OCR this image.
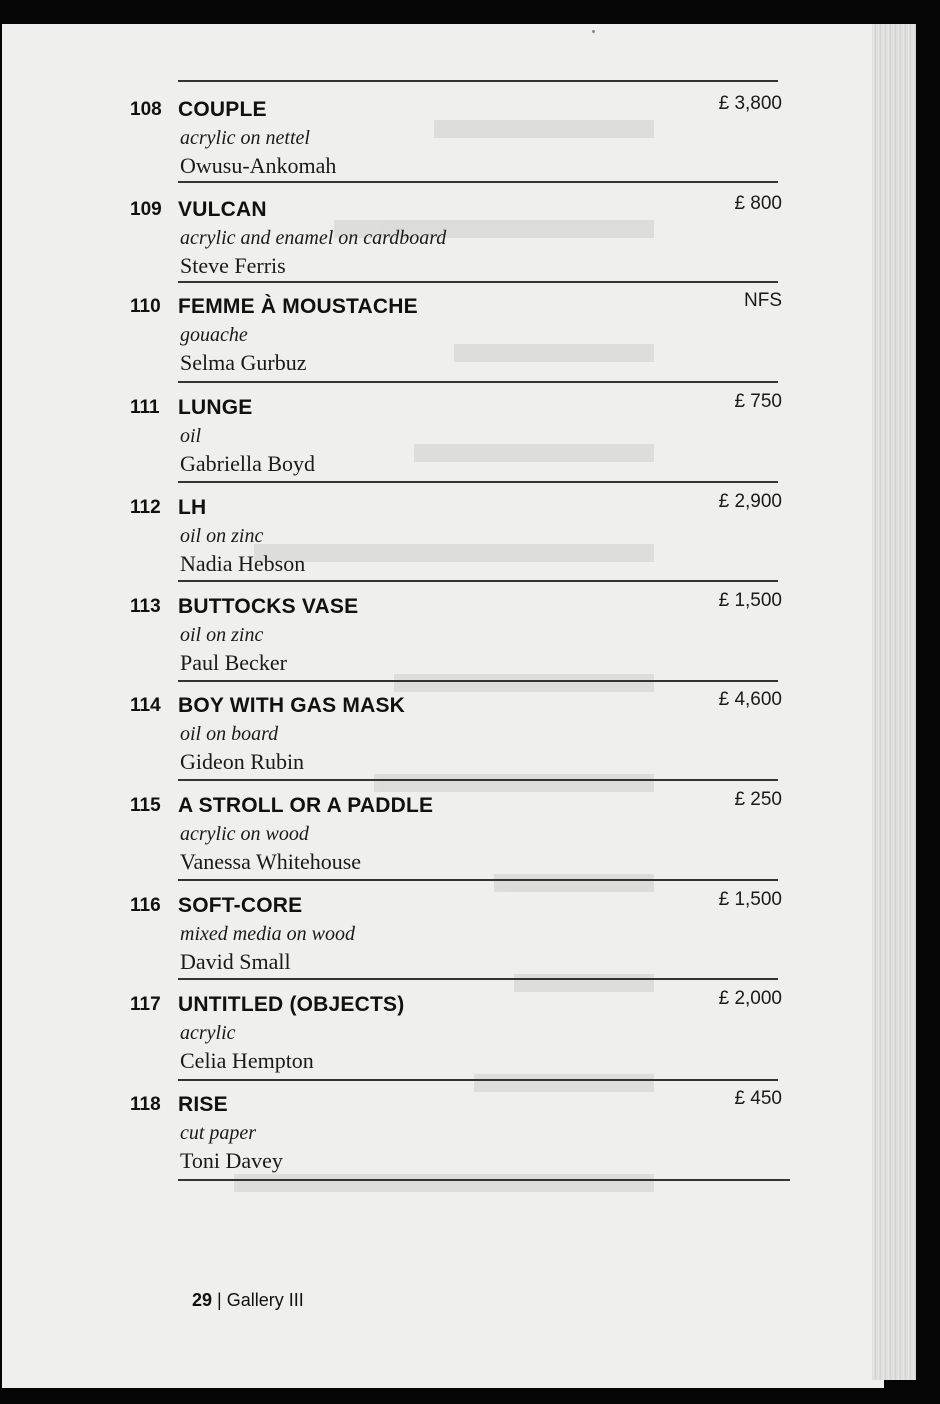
108 COUPLE
acrylic on nettel
Owusu-Ankomah
£ 3,800
109 VULCAN
acrylic and enamel on cardboard
Steve Ferris
£ 800
110 FEMME À MOUSTACHE
gouache
Selma Gurbuz
NFS
111 LUNGE
oil
Gabriella Boyd
£ 750
112 LH
oil on zinc
Nadia Hebson
£ 2,900
113 BUTTOCKS VASE
oil on zinc
Paul Becker
£ 1,500
114 BOY WITH GAS MASK
oil on board
Gideon Rubin
£ 4,600
115 A STROLL OR A PADDLE
acrylic on wood
Vanessa Whitehouse
£ 250
116 SOFT-CORE
mixed media on wood
David Small
£ 1,500
117 UNTITLED (OBJECTS)
acrylic
Celia Hempton
£ 2,000
118 RISE
cut paper
Toni Davey
£ 450
29 | Gallery III
